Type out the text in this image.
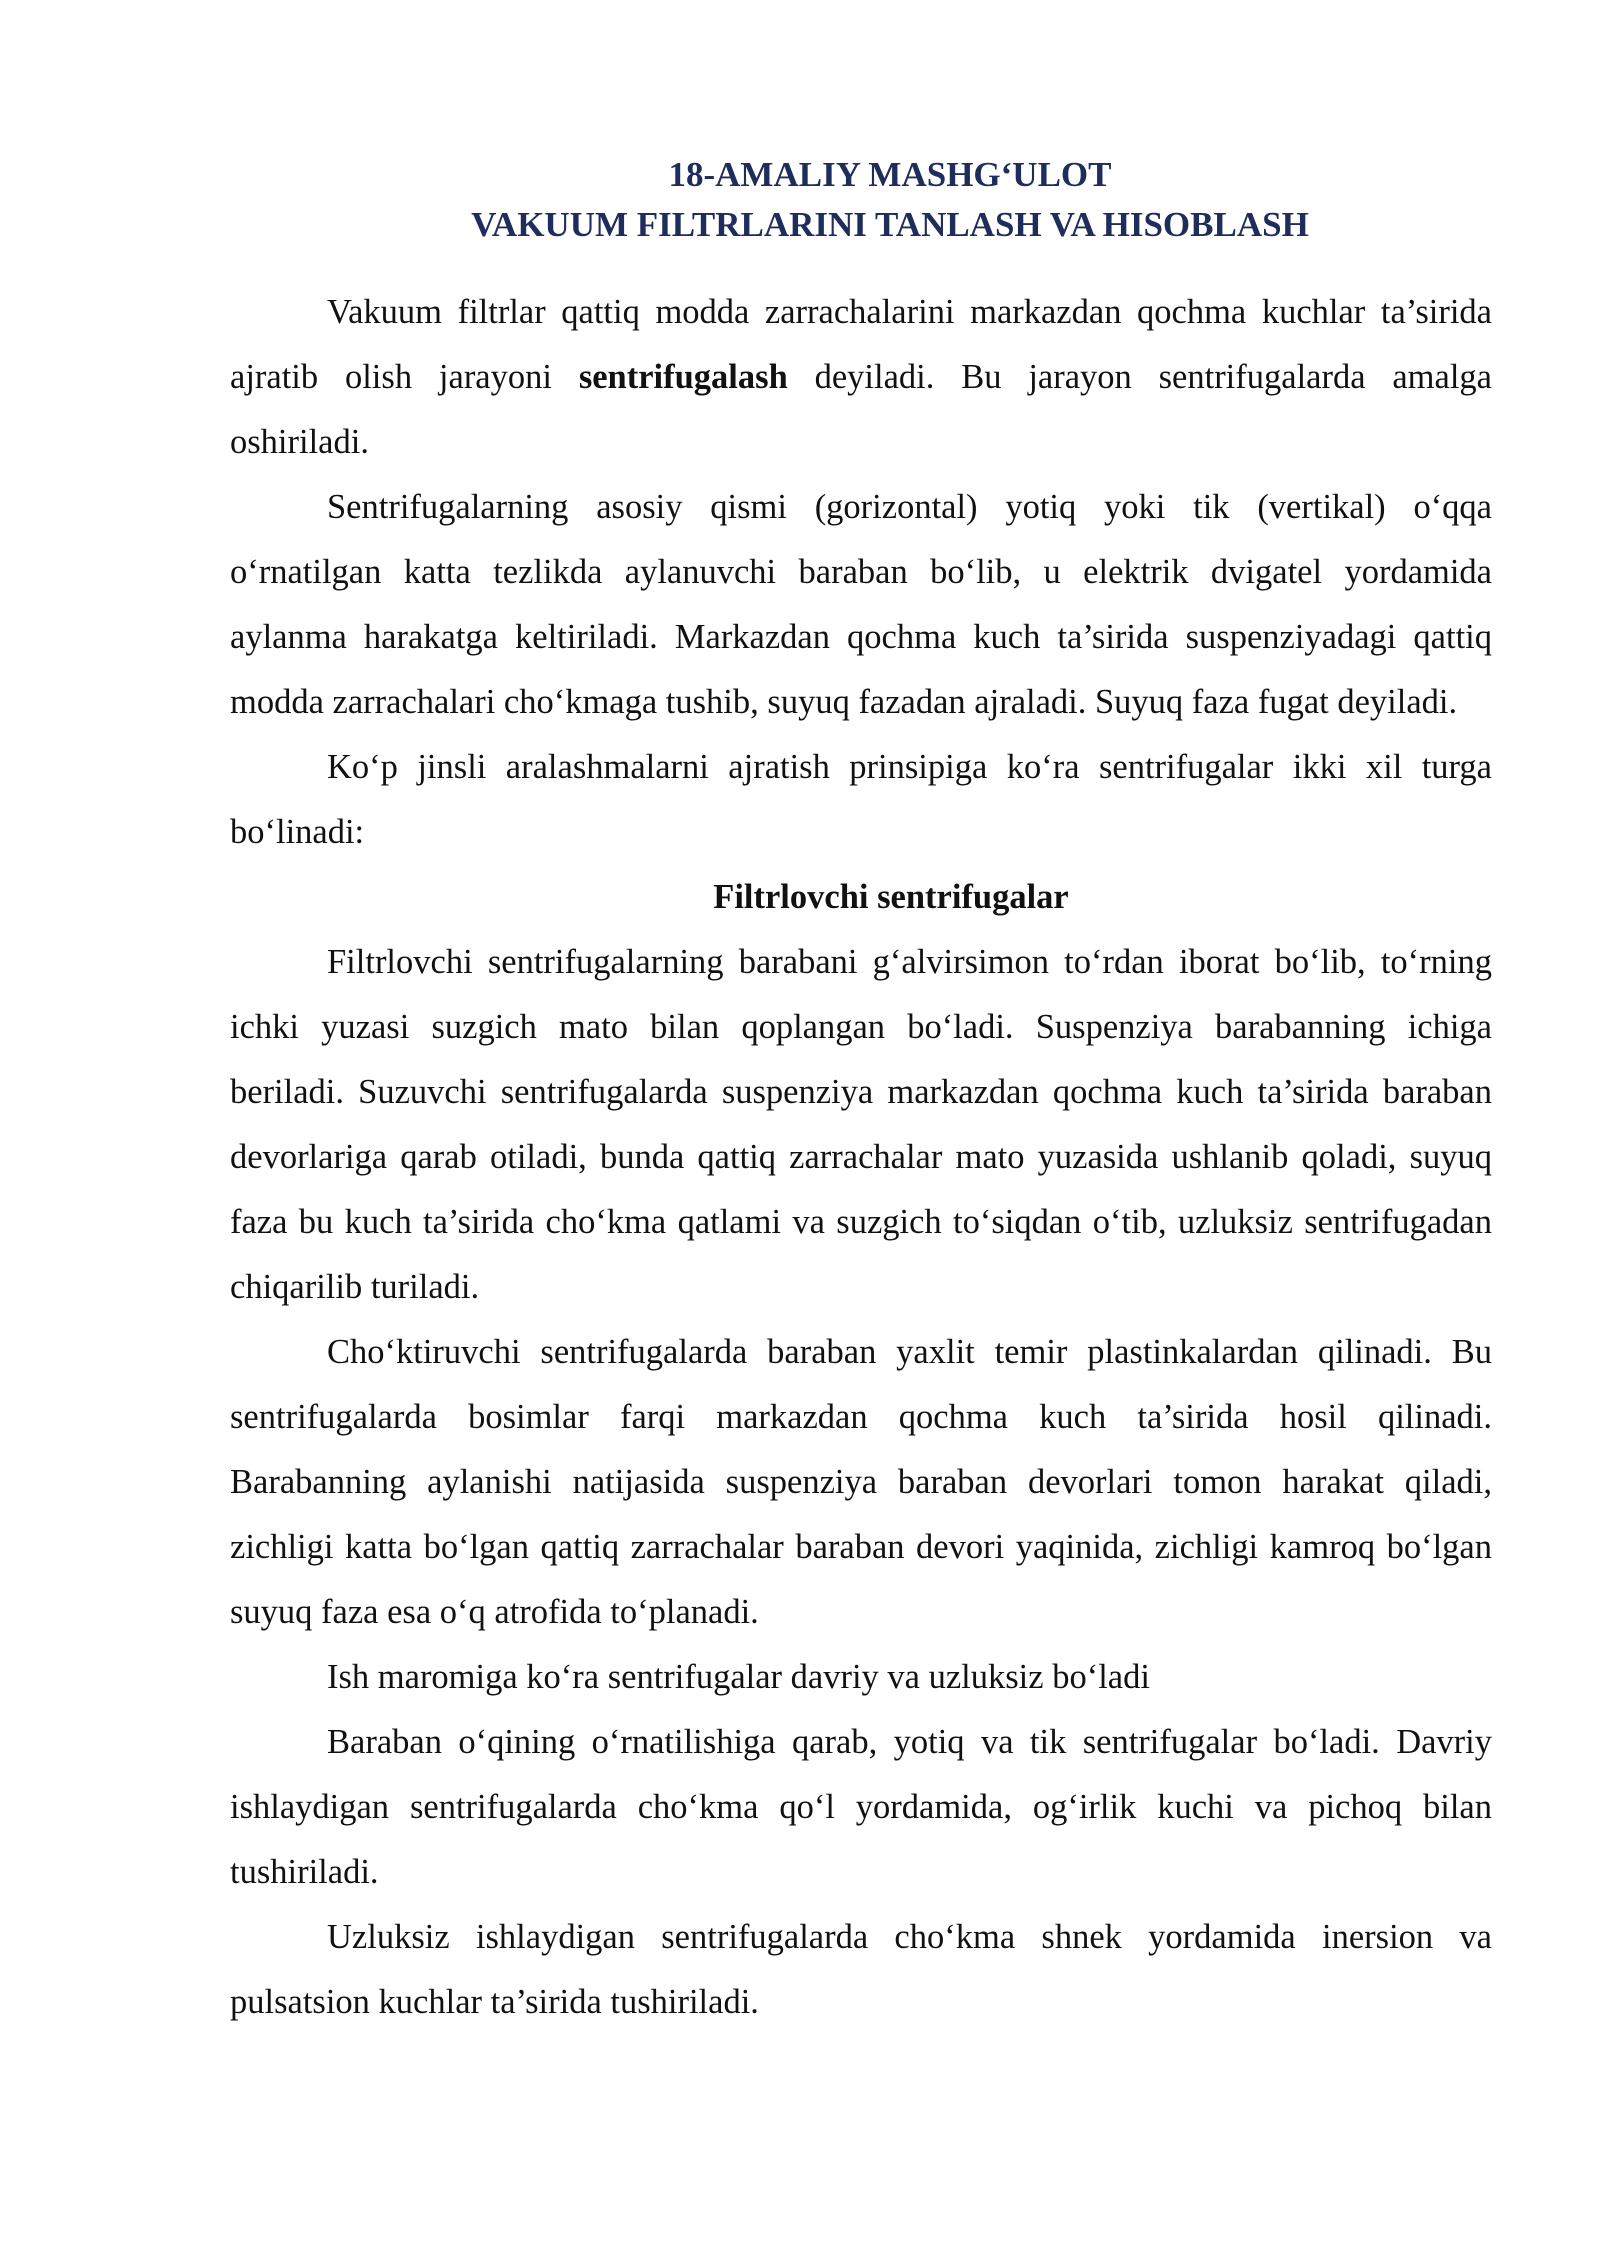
18-AMALIY MASHG‘ULOT
VAKUUM FILTRLARINI TANLASH VA HISOBLASH

Vakuum filtrlar qattiq modda zarrachalarini markazdan qochma kuchlar ta’sirida ajratib olish jarayoni sentrifugalash deyiladi. Bu jarayon sentrifugalarda amalga oshiriladi.

Sentrifugalarning asosiy qismi (gorizontal) yotiq yoki tik (vertikal) o‘qqa o‘rnatilgan katta tezlikda aylanuvchi baraban bo‘lib, u elektrik dvigatel yordamida aylanma harakatga keltiriladi. Markazdan qochma kuch ta’sirida suspenziyadagi qattiq modda zarrachalari cho‘kmaga tushib, suyuq fazadan ajraladi. Suyuq faza fugat deyiladi.

Ko‘p jinsli aralashmalarni ajratish prinsipiga ko‘ra sentrifugalar ikki xil turga bo‘linadi:

Filtrlovchi sentrifugalar

Filtrlovchi sentrifugalarning barabani g‘alvirsimon to‘rdan iborat bo‘lib, to‘rning ichki yuzasi suzgich mato bilan qoplangan bo‘ladi. Suspenziya barabanning ichiga beriladi. Suzuvchi sentrifugalarda suspenziya markazdan qochma kuch ta’sirida baraban devorlariga qarab otiladi, bunda qattiq zarrachalar mato yuzasida ushlanib qoladi, suyuq faza bu kuch ta’sirida cho‘kma qatlami va suzgich to‘siqdan o‘tib, uzluksiz sentrifugadan chiqarilib turiladi.

Cho‘ktiruvchi sentrifugalarda baraban yaxlit temir plastinkalardan qilinadi. Bu sentrifugalarda bosimlar farqi markazdan qochma kuch ta’sirida hosil qilinadi. Barabanning aylanishi natijasida suspenziya baraban devorlari tomon harakat qiladi, zichligi katta bo‘lgan qattiq zarrachalar baraban devori yaqinida, zichligi kamroq bo‘lgan suyuq faza esa o‘q atrofida to‘planadi.

Ish maromiga ko‘ra sentrifugalar davriy va uzluksiz bo‘ladi

Baraban o‘qining o‘rnatilishiga qarab, yotiq va tik sentrifugalar bo‘ladi. Davriy ishlaydigan sentrifugalarda cho‘kma qo‘l yordamida, og‘irlik kuchi va pichoq bilan tushiriladi.

Uzluksiz ishlaydigan sentrifugalarda cho‘kma shnek yordamida inersion va pulsatsion kuchlar ta’sirida tushiriladi.
